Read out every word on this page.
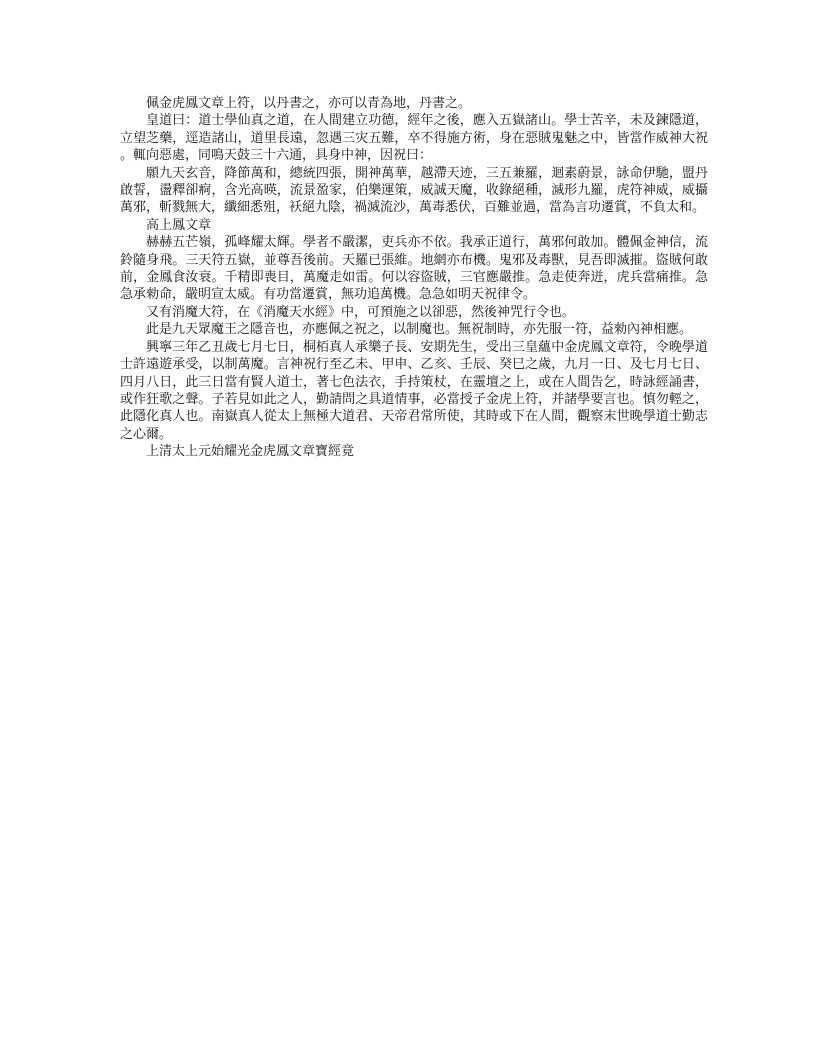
佩金虎鳳文章上符，以丹書之，亦可以青為地，丹書之。

皇道曰：道士學仙真之道，在人間建立功德，經年之後，應入五嶽諸山。學士苦辛，未及鍊隱道，立望芝藥，逕造諸山，道里長遠，忽遇三灾五難，卒不得施方術，身在惡賊鬼魅之中，皆當作威神大祝。輒向惡處，同鳴天鼓三十六通，具身中神，因祝曰：

願九天玄音，降節萬和，總統四張，開神萬華，越滯天迹，三五兼羅，迴素蔚景，詠命伊馳，盟丹啟誓，盪釋卻痾，含光高暎，流景盈家，伯樂運策，威誠天魔，收錄絕種，滅形九羅，虎符神威，威攝萬邪，斬戮無大，纖細悉殂，袄絕九陰，禍滅流沙，萬毒悉伏，百難並過，當為言功遷賞，不負太和。

高上鳳文章

赫赫五芒嶺，孤峰耀太輝。學者不嚴潔，吏兵亦不依。我承正道行，萬邪何敢加。體佩金神信，流鈴隨身飛。三天符五嶽，並尊吾後前。天羅已張維。地網亦布機。鬼邪及毒獸，見吾即滅摧。盜賊何敢前，金鳳食汝衰。千精即喪目，萬魔走如雷。何以容盜賊，三官應嚴推。急走使奔迸，虎兵當痛推。急急承勑命，嚴明宣太威。有功當遷賞，無功追萬機。急急如明天祝律令。

又有消魔大符，在《消魔天水經》中，可預施之以卻惡，然後神咒行令也。

此是九天眾魔王之隱音也，亦應佩之祝之，以制魔也。無祝制時，亦先服一符，益勑內神相應。

興寧三年乙丑歲七月七日，桐栢真人承樂子長、安期先生，受出三皇蘊中金虎鳳文章符，令晚學道士許遠遊承受，以制萬魔。言神祝行至乙未、甲申、乙亥、壬辰、癸巳之歲，九月一日、及七月七日、四月八日，此三日當有賢人道士，著七色法衣，手持策杖，在靈壇之上，或在人間告乞，時詠經誦書，或作狂歌之聲。子若見如此之人，勤請問之具道情事，必當授子金虎上符，并諸學要言也。慎勿輕之，此隱化真人也。南嶽真人從太上無極大道君、天帝君常所使，其時或下在人間，觀察末世晚學道士勤志之心爾。

上清太上元始耀光金虎鳳文章寶經竟
